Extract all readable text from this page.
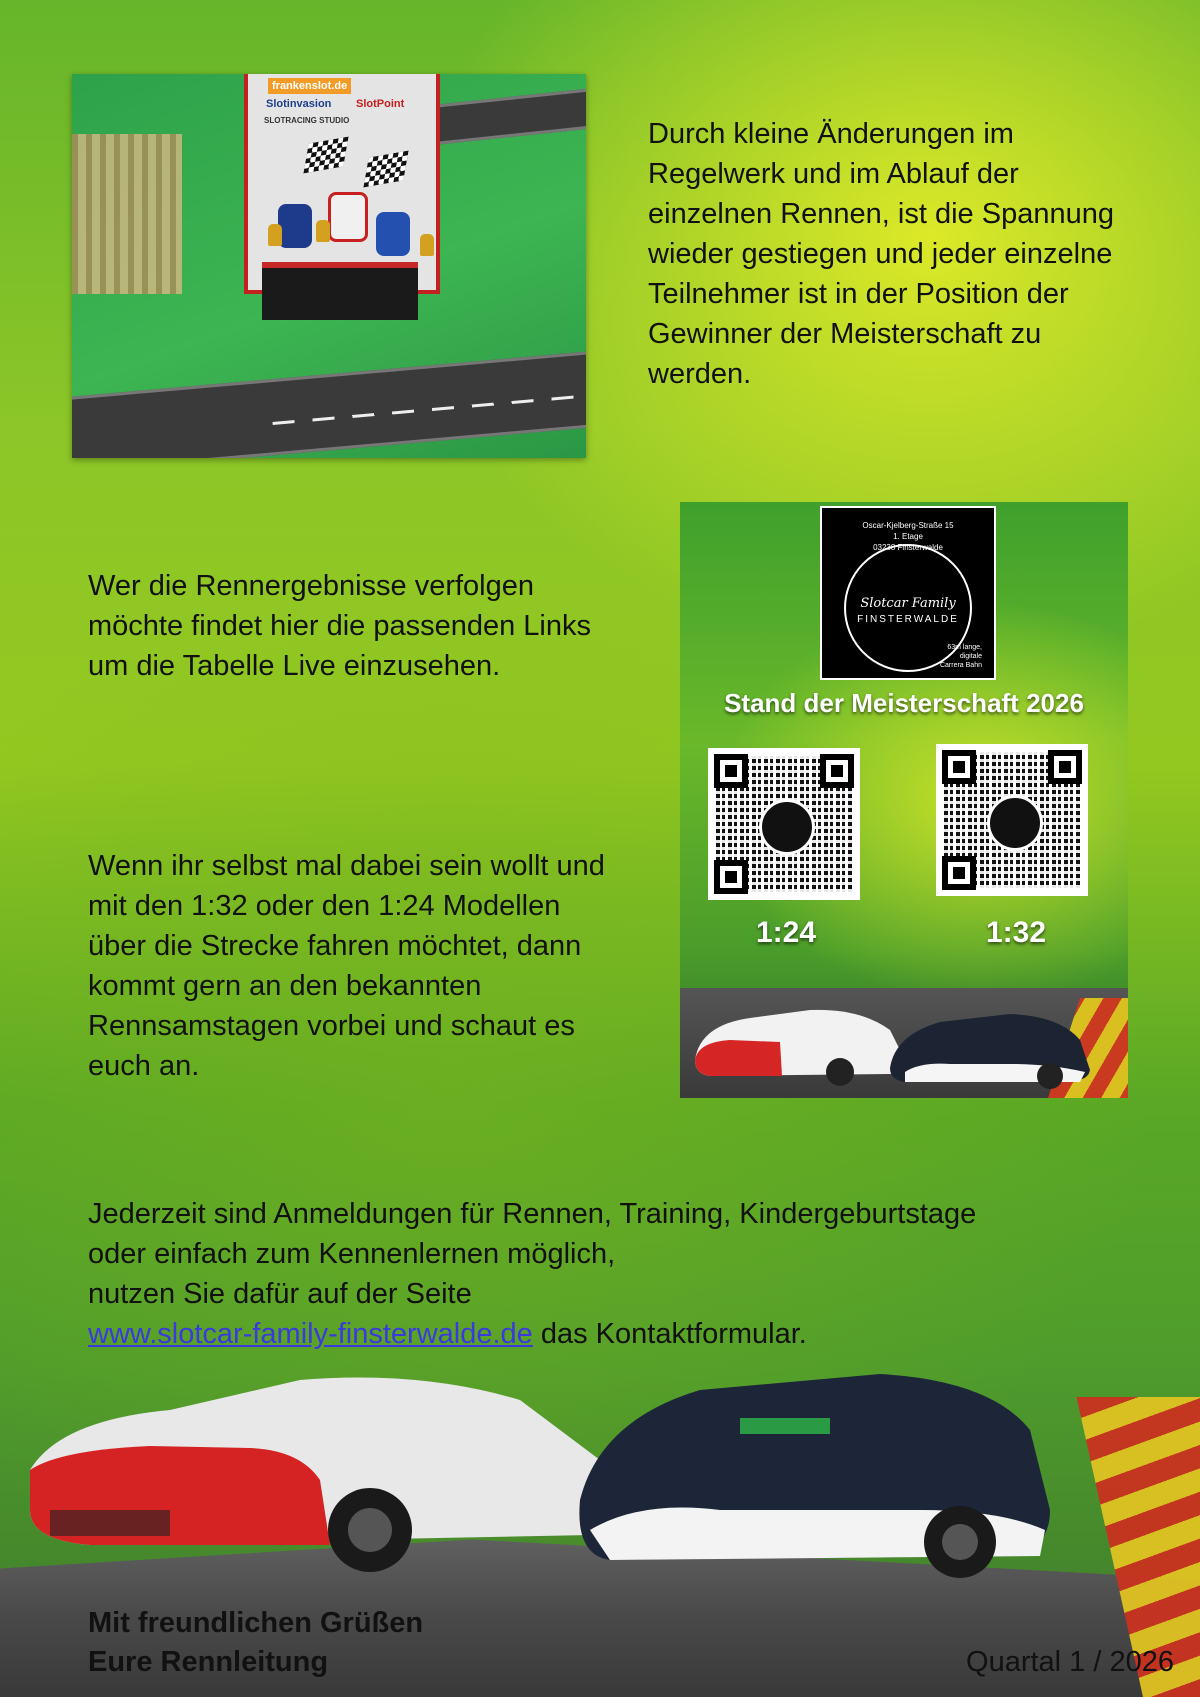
frankenslot.de
Slotinvasion	SlotPoint
SLOTRACING STUDIO	Durch kleine Änderungen im Regelwerk und im Ablauf der einzelnen Rennen, ist die Spannung wieder gestiegen und jeder einzelne Teilnehmer ist in der Position der Gewinner der Meisterschaft zu werden.

Wer die Rennergebnisse verfolgen möchte findet hier die passenden Links um die Tabelle Live einzusehen.

Wenn ihr selbst mal dabei sein wollt und mit den 1:32 oder den 1:24 Modellen über die Strecke fahren möchtet, dann kommt gern an den bekannten Rennsamstagen vorbei und schaut es euch an.

Oscar-Kjelberg-Straße 15
1. Etage
03238 Finsterwalde
Slotcar Family
FINSTERWALDE
63m lange,
digitale
Carrera Bahn
Stand der Meisterschaft 2026
1:24	1:32

Jederzeit sind Anmeldungen für Rennen, Training, Kindergeburtstage

oder einfach zum Kennenlernen möglich,

nutzen Sie dafür auf der Seite

www.slotcar-family-finsterwalde.de das Kontaktformular.

Mit freundlichen Grüßen
Eure Rennleitung	Quartal 1 / 2026
